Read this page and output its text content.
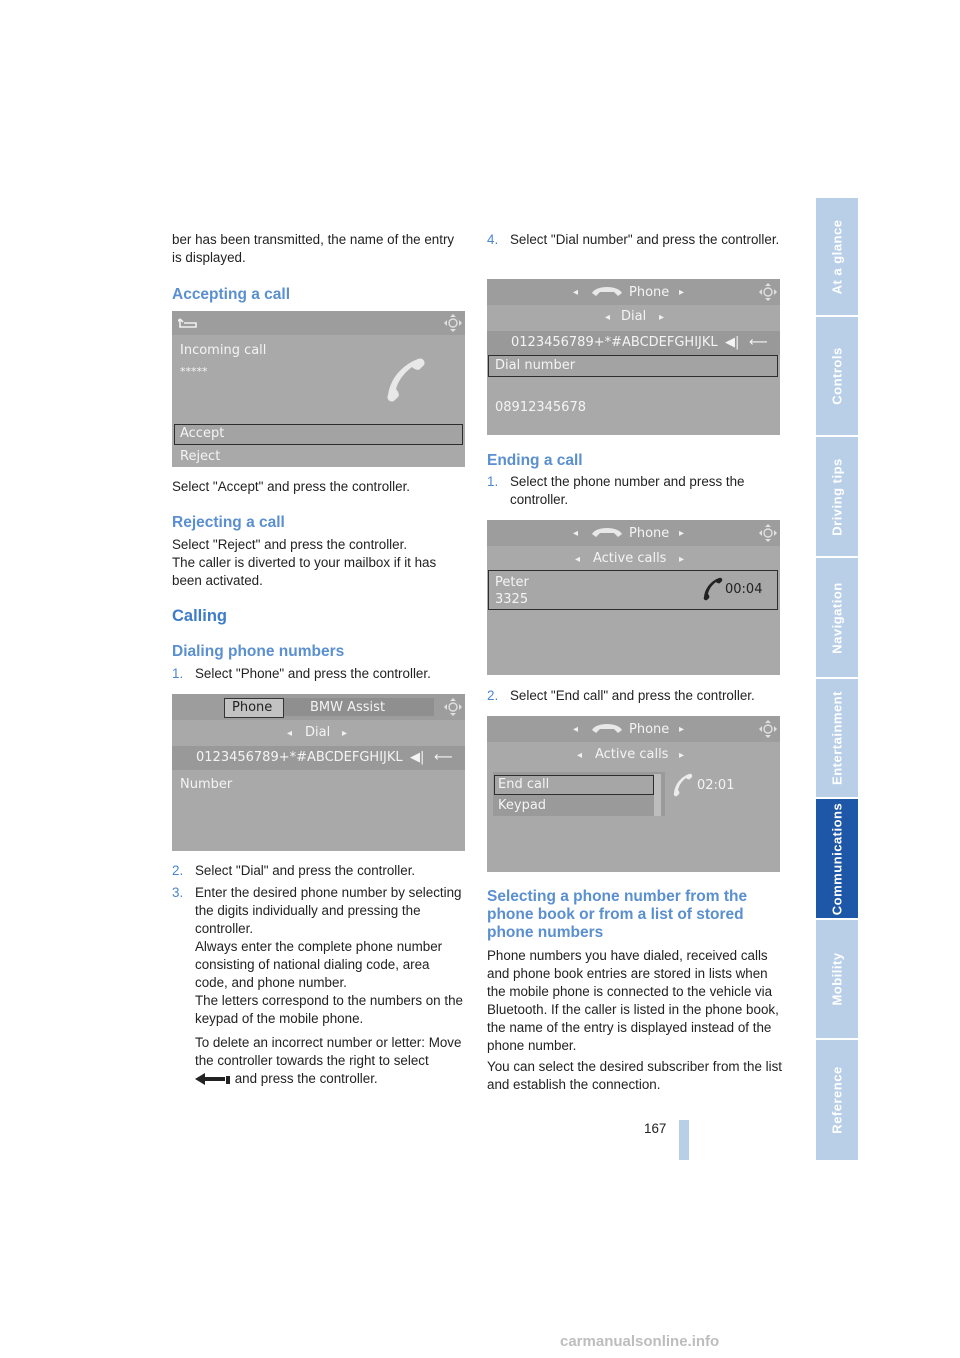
At a glance
Controls
Driving tips
Navigation
Entertainment
Communications
Mobility
Reference

ber has been transmitted, the name of the entry is displayed.

Accepting a call

Incoming call
*****
Accept
Reject

Select "Accept" and press the controller.

Rejecting a call

Select "Reject" and press the controller.
The caller is diverted to your mailbox if it has been activated.

Calling

Dialing phone numbers

1. Select "Phone" and press the controller.

Phone	BMW Assist
◂ Dial ▸
0123456789+*#ABCDEFGHIJKL ◀| ⟵
Number
2. Select "Dial" and press the controller.

3. Enter the desired phone number by selecting the digits individually and pressing the controller.
Always enter the complete phone number consisting of national dialing code, area code, and phone number.
The letters correspond to the numbers on the keypad of the mobile phone.

To delete an incorrect number or letter: Move the controller towards the right to select  and press the controller.

4. Select "Dial number" and press the controller.

◂	Phone ▸
◂ Dial ▸
0123456789+*#ABCDEFGHIJKL ◀| ⟵
Dial number
08912345678

Ending a call

1. Select the phone number and press the controller.

◂	Phone ▸
◂ Active calls ▸
Peter
3325
00:04
2. Select "End call" and press the controller.

◂	Phone ▸
◂ Active calls ▸
End call
Keypad
02:01

Selecting a phone number from the phone book or from a list of stored phone numbers

Phone numbers you have dialed, received calls and phone book entries are stored in lists when the mobile phone is connected to the vehicle via Bluetooth. If the caller is listed in the phone book, the name of the entry is displayed instead of the phone number.

You can select the desired subscriber from the list and establish the connection.

167

carmanualsonline.info
